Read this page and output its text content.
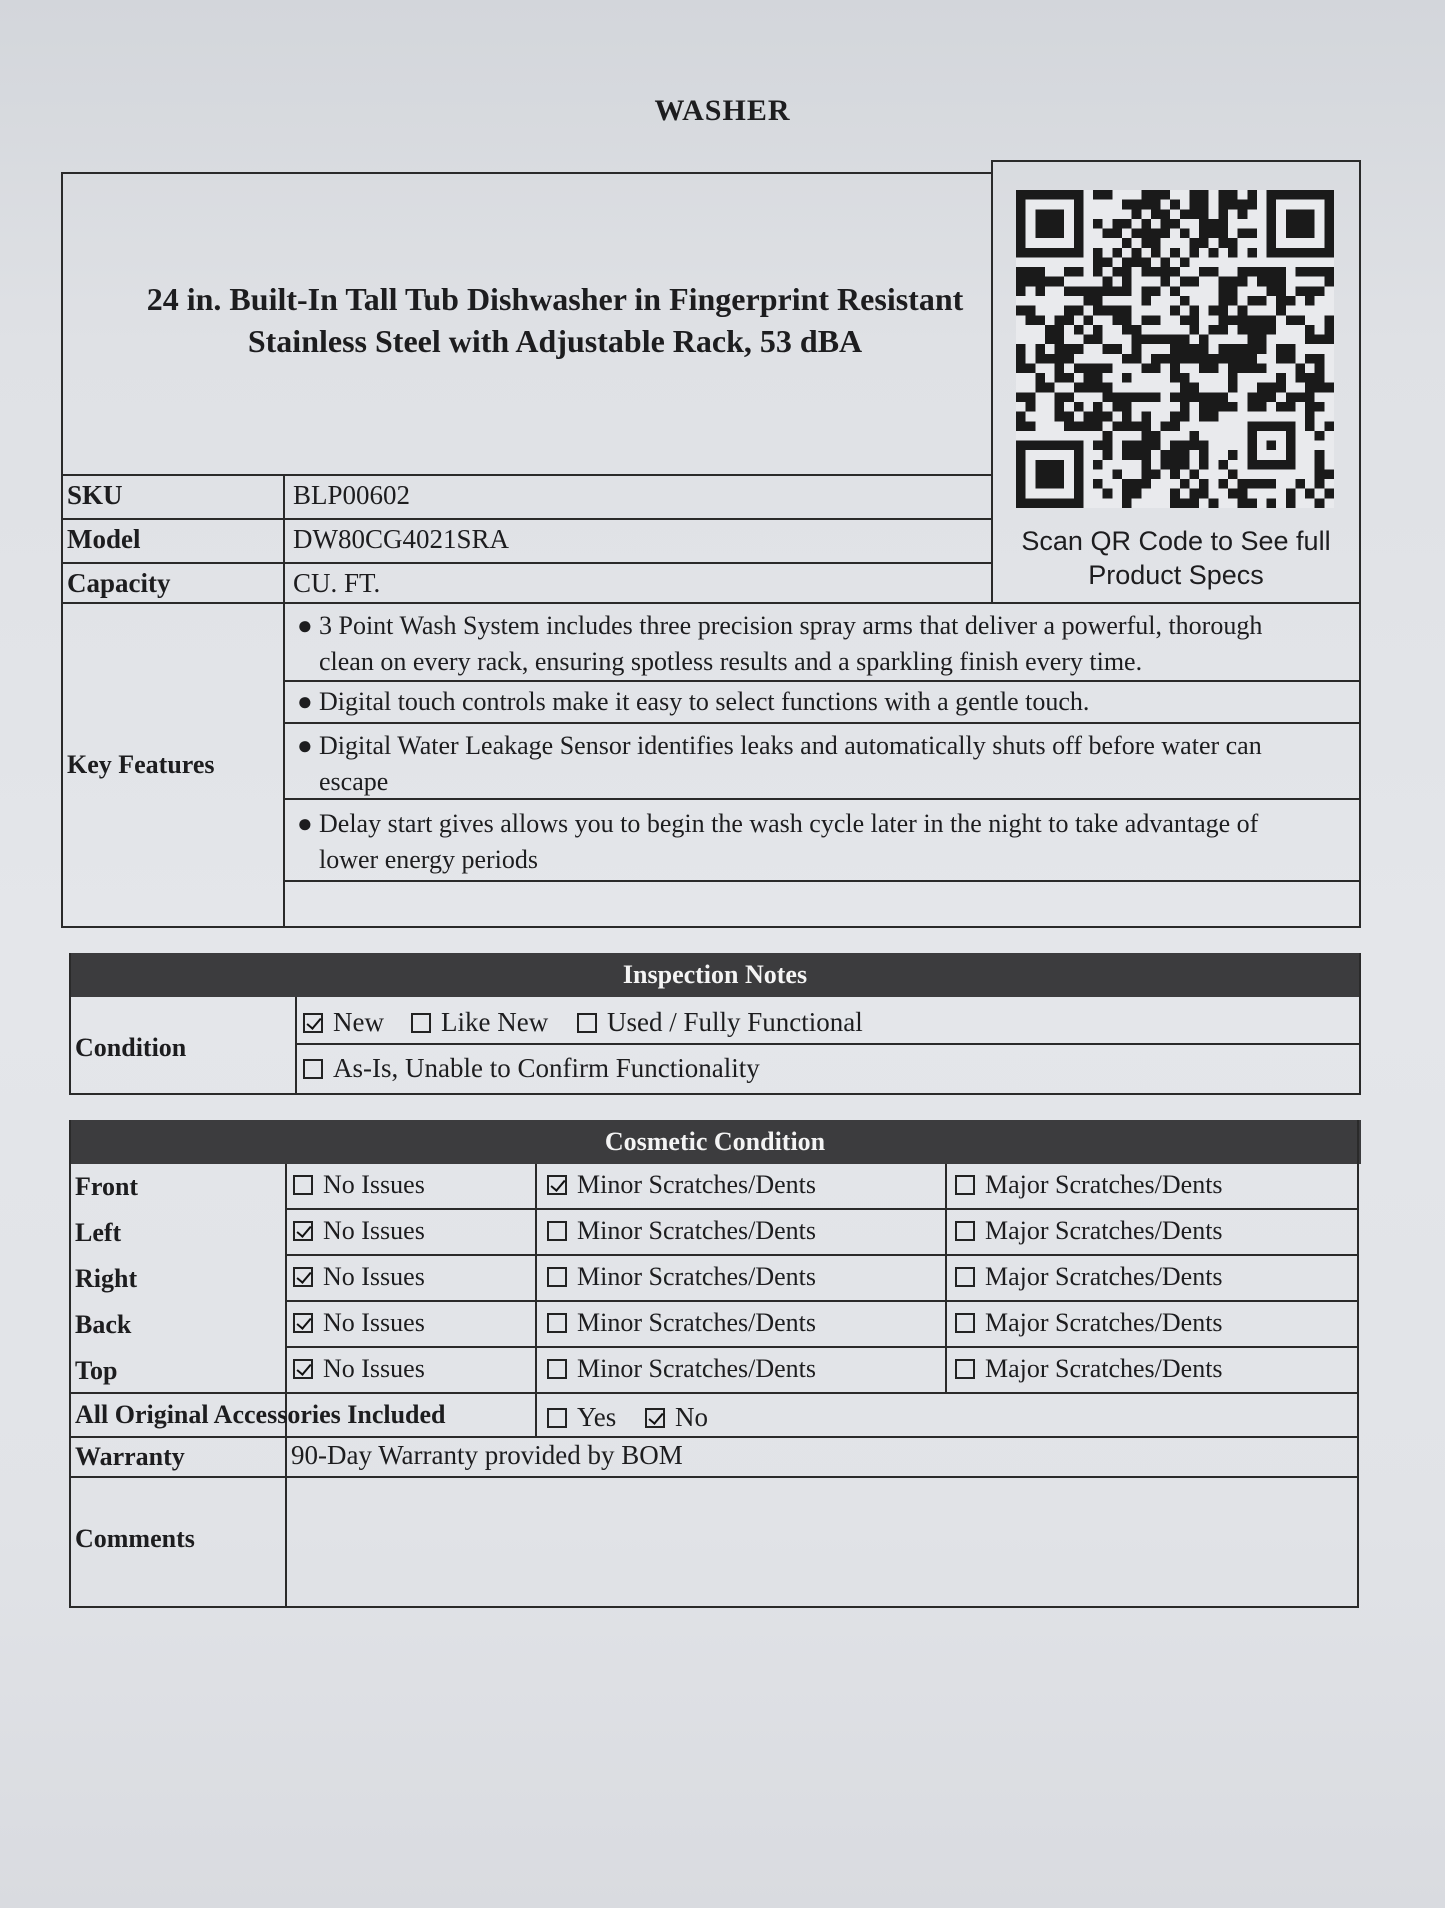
WASHER
24 in. Built-In Tall Tub Dishwasher in Fingerprint Resistant
Stainless Steel with Adjustable Rack, 53 dBA
Scan QR Code to See full
Product Specs
SKU	BLP00602
Model	DW80CG4021SRA
Capacity	CU. FT.
Key Features
● 3 Point Wash System includes three precision spray arms that deliver a powerful, thorough
clean on every rack, ensuring spotless results and a sparkling finish every time.
● Digital touch controls make it easy to select functions with a gentle touch.
● Digital Water Leakage Sensor identifies leaks and automatically shuts off before water can
escape
● Delay start gives allows you to begin the wash cycle later in the night to take advantage of
lower energy periods
Inspection Notes
Condition
New	Like New	Used / Fully Functional
As-Is, Unable to Confirm Functionality
Cosmetic Condition
Front	No Issues	Minor Scratches/Dents	Major Scratches/Dents
Left	No Issues	Minor Scratches/Dents	Major Scratches/Dents
Right	No Issues	Minor Scratches/Dents	Major Scratches/Dents
Back	No Issues	Minor Scratches/Dents	Major Scratches/Dents
Top	No Issues	Minor Scratches/Dents	Major Scratches/Dents
All Original Accessories Included	Yes	No
Warranty	90-Day Warranty provided by BOM
Comments
